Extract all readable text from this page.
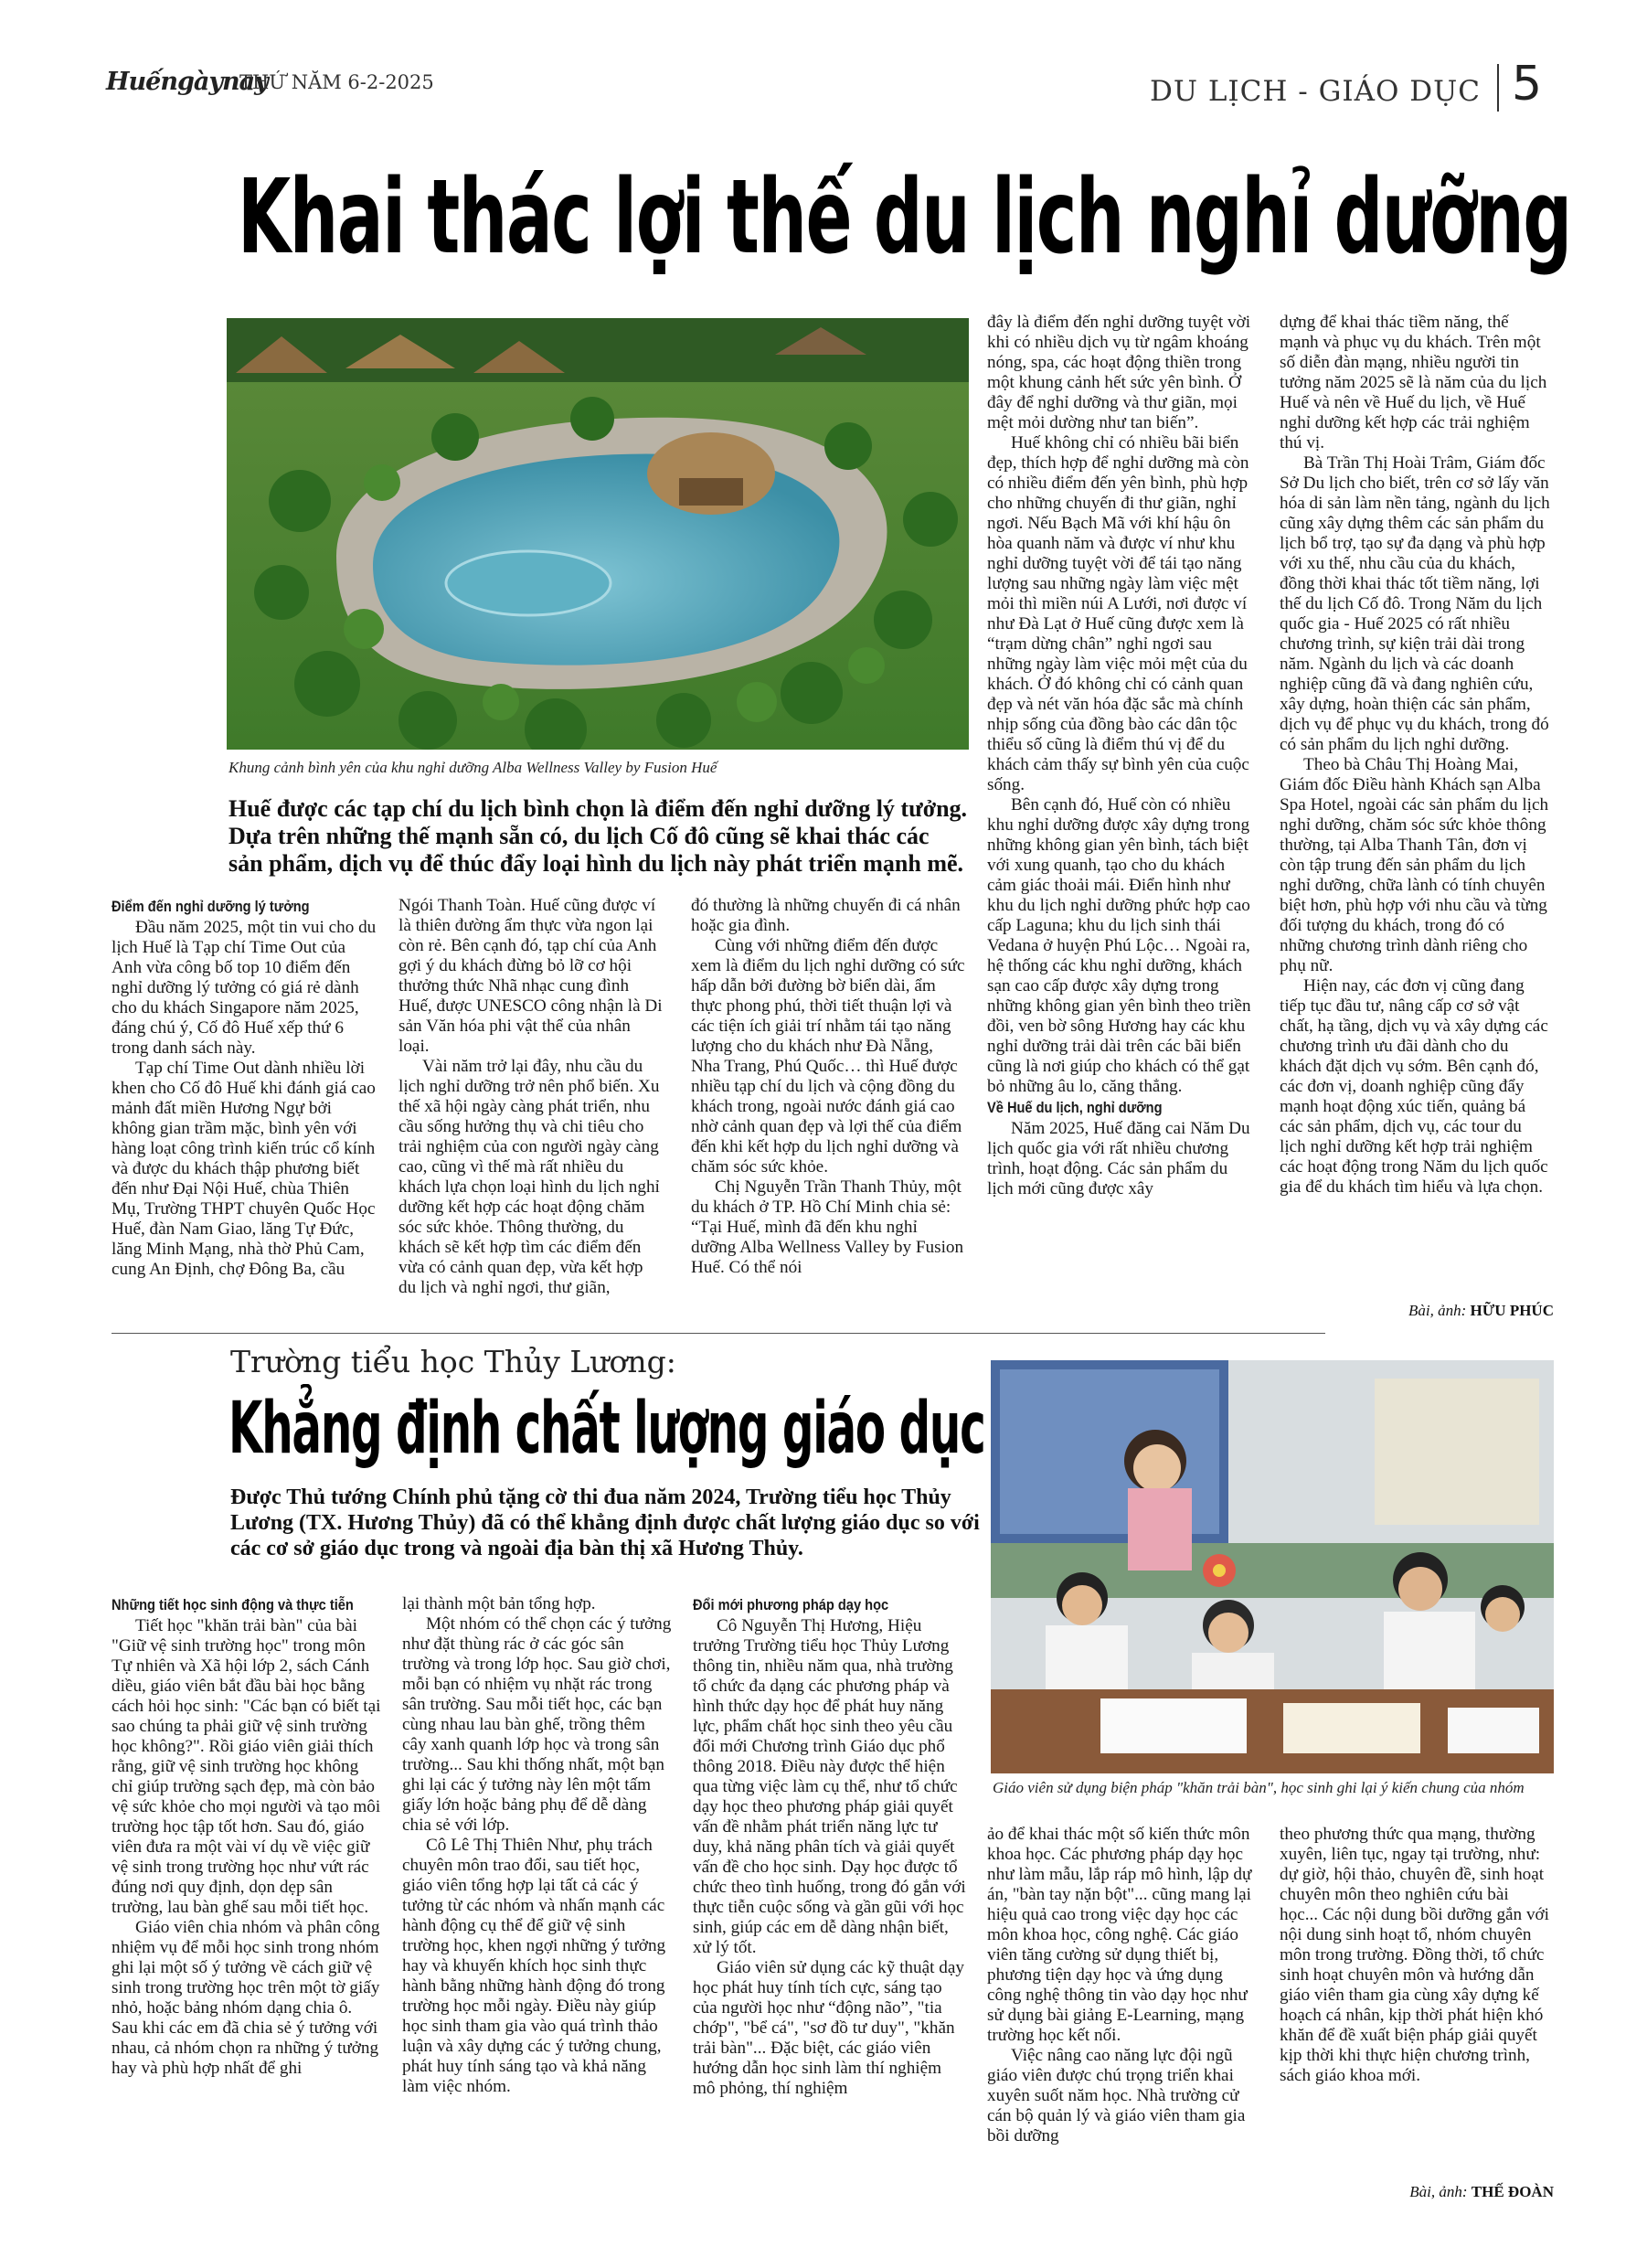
Huếngàynay
THỨ NĂM 6-2-2025	DU LỊCH - GIÁO DỤC 5
Khai thác lợi thế du lịch nghỉ dưỡng
Khung cảnh bình yên của khu nghỉ dưỡng Alba Wellness Valley by Fusion Huế
Huế được các tạp chí du lịch bình chọn là điểm đến nghỉ dưỡng lý tưởng. Dựa trên những thế mạnh sẵn có, du lịch Cố đô cũng sẽ khai thác các sản phẩm, dịch vụ để thúc đẩy loại hình du lịch này phát triển mạnh mẽ.
Điểm đến nghỉ dưỡng lý tưởng
Đầu năm 2025, một tin vui cho du lịch Huế là Tạp chí Time Out của Anh vừa công bố top 10 điểm đến nghỉ dưỡng lý tưởng có giá rẻ dành cho du khách Singapore năm 2025, đáng chú ý, Cố đô Huế xếp thứ 6 trong danh sách này.
Tạp chí Time Out dành nhiều lời khen cho Cố đô Huế khi đánh giá cao mảnh đất miền Hương Ngự bởi không gian trầm mặc, bình yên với hàng loạt công trình kiến trúc cổ kính và được du khách thập phương biết đến như Đại Nội Huế, chùa Thiên Mụ, Trường THPT chuyên Quốc Học Huế, đàn Nam Giao, lăng Tự Đức, lăng Minh Mạng, nhà thờ Phủ Cam, cung An Định, chợ Đông Ba, cầu
Ngói Thanh Toàn. Huế cũng được ví là thiên đường ẩm thực vừa ngon lại còn rẻ. Bên cạnh đó, tạp chí của Anh gợi ý du khách đừng bỏ lỡ cơ hội thưởng thức Nhã nhạc cung đình Huế, được UNESCO công nhận là Di sản Văn hóa phi vật thể của nhân loại.
Vài năm trở lại đây, nhu cầu du lịch nghỉ dưỡng trở nên phổ biến. Xu thế xã hội ngày càng phát triển, nhu cầu sống hưởng thụ và chi tiêu cho trải nghiệm của con người ngày càng cao, cũng vì thế mà rất nhiều du khách lựa chọn loại hình du lịch nghỉ dưỡng kết hợp các hoạt động chăm sóc sức khỏe. Thông thường, du khách sẽ kết hợp tìm các điểm đến vừa có cảnh quan đẹp, vừa kết hợp du lịch và nghỉ ngơi, thư giãn,
đó thường là những chuyến đi cá nhân hoặc gia đình.
Cùng với những điểm đến được xem là điểm du lịch nghỉ dưỡng có sức hấp dẫn bởi đường bờ biển dài, ẩm thực phong phú, thời tiết thuận lợi và các tiện ích giải trí nhằm tái tạo năng lượng cho du khách như Đà Nẵng, Nha Trang, Phú Quốc… thì Huế được nhiều tạp chí du lịch và cộng đồng du khách trong, ngoài nước đánh giá cao nhờ cảnh quan đẹp và lợi thế của điểm đến khi kết hợp du lịch nghỉ dưỡng và chăm sóc sức khỏe.
Chị Nguyễn Trần Thanh Thủy, một du khách ở TP. Hồ Chí Minh chia sẻ: “Tại Huế, mình đã đến khu nghỉ dưỡng Alba Wellness Valley by Fusion Huế. Có thể nói
đây là điểm đến nghỉ dưỡng tuyệt vời khi có nhiều dịch vụ từ ngâm khoáng nóng, spa, các hoạt động thiền trong một khung cảnh hết sức yên bình. Ở đây để nghỉ dưỡng và thư giãn, mọi mệt mỏi dường như tan biến”.
Huế không chỉ có nhiều bãi biển đẹp, thích hợp để nghỉ dưỡng mà còn có nhiều điểm đến yên bình, phù hợp cho những chuyến đi thư giãn, nghỉ ngơi. Nếu Bạch Mã với khí hậu ôn hòa quanh năm và được ví như khu nghỉ dưỡng tuyệt vời để tái tạo năng lượng sau những ngày làm việc mệt mỏi thì miền núi A Lưới, nơi được ví như Đà Lạt ở Huế cũng được xem là “trạm dừng chân” nghỉ ngơi sau những ngày làm việc mỏi mệt của du khách. Ở đó không chỉ có cảnh quan đẹp và nét văn hóa đặc sắc mà chính nhịp sống của đồng bào các dân tộc thiểu số cũng là điểm thú vị để du khách cảm thấy sự bình yên của cuộc sống.
Bên cạnh đó, Huế còn có nhiều khu nghỉ dưỡng được xây dựng trong những không gian yên bình, tách biệt với xung quanh, tạo cho du khách cảm giác thoải mái. Điển hình như khu du lịch nghỉ dưỡng phức hợp cao cấp Laguna; khu du lịch sinh thái Vedana ở huyện Phú Lộc… Ngoài ra, hệ thống các khu nghỉ dưỡng, khách sạn cao cấp được xây dựng trong những không gian yên bình theo triền đồi, ven bờ sông Hương hay các khu nghỉ dưỡng trải dài trên các bãi biển cũng là nơi giúp cho khách có thể gạt bỏ những âu lo, căng thẳng.
Về Huế du lịch, nghỉ dưỡng
Năm 2025, Huế đăng cai Năm Du lịch quốc gia với rất nhiều chương trình, hoạt động. Các sản phẩm du lịch mới cũng được xây
dựng để khai thác tiềm năng, thế mạnh và phục vụ du khách. Trên một số diễn đàn mạng, nhiều người tin tưởng năm 2025 sẽ là năm của du lịch Huế và nên về Huế du lịch, về Huế nghỉ dưỡng kết hợp các trải nghiệm thú vị.
Bà Trần Thị Hoài Trâm, Giám đốc Sở Du lịch cho biết, trên cơ sở lấy văn hóa di sản làm nền tảng, ngành du lịch cũng xây dựng thêm các sản phẩm du lịch bổ trợ, tạo sự đa dạng và phù hợp với xu thế, nhu cầu của du khách, đồng thời khai thác tốt tiềm năng, lợi thế du lịch Cố đô. Trong Năm du lịch quốc gia - Huế 2025 có rất nhiều chương trình, sự kiện trải dài trong năm. Ngành du lịch và các doanh nghiệp cũng đã và đang nghiên cứu, xây dựng, hoàn thiện các sản phẩm, dịch vụ để phục vụ du khách, trong đó có sản phẩm du lịch nghỉ dưỡng.
Theo bà Châu Thị Hoàng Mai, Giám đốc Điều hành Khách sạn Alba Spa Hotel, ngoài các sản phẩm du lịch nghỉ dưỡng, chăm sóc sức khỏe thông thường, tại Alba Thanh Tân, đơn vị còn tập trung đến sản phẩm du lịch nghỉ dưỡng, chữa lành có tính chuyên biệt hơn, phù hợp với nhu cầu và từng đối tượng du khách, trong đó có những chương trình dành riêng cho phụ nữ.
Hiện nay, các đơn vị cũng đang tiếp tục đầu tư, nâng cấp cơ sở vật chất, hạ tầng, dịch vụ và xây dựng các chương trình ưu đãi dành cho du khách đặt dịch vụ sớm. Bên cạnh đó, các đơn vị, doanh nghiệp cũng đẩy mạnh hoạt động xúc tiến, quảng bá các sản phẩm, dịch vụ, các tour du lịch nghỉ dưỡng kết hợp trải nghiệm các hoạt động trong Năm du lịch quốc gia để du khách tìm hiểu và lựa chọn.
Bài, ảnh: HỮU PHÚC
Trường tiểu học Thủy Lương:
Khẳng định chất lượng giáo dục
Được Thủ tướng Chính phủ tặng cờ thi đua năm 2024, Trường tiểu học Thủy Lương (TX. Hương Thủy) đã có thể khẳng định được chất lượng giáo dục so với các cơ sở giáo dục trong và ngoài địa bàn thị xã Hương Thủy.
Giáo viên sử dụng biện pháp "khăn trải bàn", học sinh ghi lại ý kiến chung của nhóm
Những tiết học sinh động và thực tiễn
Tiết học "khăn trải bàn" của bài "Giữ vệ sinh trường học" trong môn Tự nhiên và Xã hội lớp 2, sách Cánh diều, giáo viên bắt đầu bài học bằng cách hỏi học sinh: "Các bạn có biết tại sao chúng ta phải giữ vệ sinh trường học không?". Rồi giáo viên giải thích rằng, giữ vệ sinh trường học không chỉ giúp trường sạch đẹp, mà còn bảo vệ sức khỏe cho mọi người và tạo môi trường học tập tốt hơn. Sau đó, giáo viên đưa ra một vài ví dụ về việc giữ vệ sinh trong trường học như vứt rác đúng nơi quy định, dọn dẹp sân trường, lau bàn ghế sau mỗi tiết học.
Giáo viên chia nhóm và phân công nhiệm vụ để mỗi học sinh trong nhóm ghi lại một số ý tưởng về cách giữ vệ sinh trong trường học trên một tờ giấy nhỏ, hoặc bảng nhóm dạng chia ô. Sau khi các em đã chia sẻ ý tưởng với nhau, cả nhóm chọn ra những ý tưởng hay và phù hợp nhất để ghi
lại thành một bản tổng hợp.
Một nhóm có thể chọn các ý tưởng như đặt thùng rác ở các góc sân trường và trong lớp học. Sau giờ chơi, mỗi bạn có nhiệm vụ nhặt rác trong sân trường. Sau mỗi tiết học, các bạn cùng nhau lau bàn ghế, trồng thêm cây xanh quanh lớp học và trong sân trường... Sau khi thống nhất, một bạn ghi lại các ý tưởng này lên một tấm giấy lớn hoặc bảng phụ để dễ dàng chia sẻ với lớp.
Cô Lê Thị Thiên Như, phụ trách chuyên môn trao đổi, sau tiết học, giáo viên tổng hợp lại tất cả các ý tưởng từ các nhóm và nhấn mạnh các hành động cụ thể để giữ vệ sinh trường học, khen ngợi những ý tưởng hay và khuyến khích học sinh thực hành bằng những hành động đó trong trường học mỗi ngày. Điều này giúp học sinh tham gia vào quá trình thảo luận và xây dựng các ý tưởng chung, phát huy tính sáng tạo và khả năng làm việc nhóm.
Đổi mới phương pháp dạy học
Cô Nguyễn Thị Hương, Hiệu trưởng Trường tiểu học Thủy Lương thông tin, nhiều năm qua, nhà trường tổ chức đa dạng các phương pháp và hình thức dạy học để phát huy năng lực, phẩm chất học sinh theo yêu cầu đổi mới Chương trình Giáo dục phổ thông 2018. Điều này được thể hiện qua từng việc làm cụ thể, như tổ chức dạy học theo phương pháp giải quyết vấn đề nhằm phát triển năng lực tư duy, khả năng phân tích và giải quyết vấn đề cho học sinh. Dạy học được tổ chức theo tình huống, trong đó gắn với thực tiễn cuộc sống và gần gũi với học sinh, giúp các em dễ dàng nhận biết, xử lý tốt.
Giáo viên sử dụng các kỹ thuật dạy học phát huy tính tích cực, sáng tạo của người học như “động não”, "tia chớp", "bể cá", "sơ đồ tư duy", "khăn trải bàn"... Đặc biệt, các giáo viên hướng dẫn học sinh làm thí nghiệm mô phỏng, thí nghiệm
ảo để khai thác một số kiến thức môn khoa học. Các phương pháp dạy học như làm mẫu, lắp ráp mô hình, lập dự án, "bàn tay nặn bột"... cũng mang lại hiệu quả cao trong việc dạy học các môn khoa học, công nghệ. Các giáo viên tăng cường sử dụng thiết bị, phương tiện dạy học và ứng dụng công nghệ thông tin vào dạy học như sử dụng bài giảng E-Learning, mạng trường học kết nối.
Việc nâng cao năng lực đội ngũ giáo viên được chú trọng triển khai xuyên suốt năm học. Nhà trường cử cán bộ quản lý và giáo viên tham gia bồi dưỡng
theo phương thức qua mạng, thường xuyên, liên tục, ngay tại trường, như: dự giờ, hội thảo, chuyên đề, sinh hoạt chuyên môn theo nghiên cứu bài học... Các nội dung bồi dưỡng gắn với nội dung sinh hoạt tổ, nhóm chuyên môn trong trường. Đồng thời, tổ chức sinh hoạt chuyên môn và hướng dẫn giáo viên tham gia cùng xây dựng kế hoạch cá nhân, kịp thời phát hiện khó khăn để đề xuất biện pháp giải quyết kịp thời khi thực hiện chương trình, sách giáo khoa mới.
Bài, ảnh: THẾ ĐOÀN
